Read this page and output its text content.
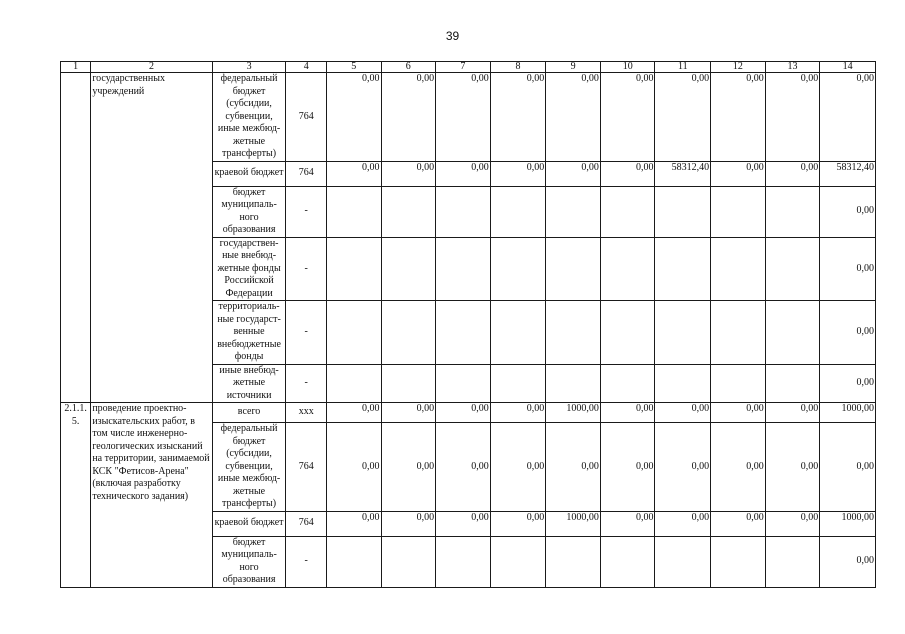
39
1	2	3	4	5	6	7	8	9	10	11	12	13	14
	государственных учреждений	федеральный бюджет (субсидии, субвенции, иные межбюд-жетные трансферты)	764	0,00	0,00	0,00	0,00	0,00	0,00	0,00	0,00	0,00	0,00
		краевой бюджет	764	0,00	0,00	0,00	0,00	0,00	0,00	58312,40	0,00	0,00	58312,40
		бюджет муниципаль-ного образования	-										0,00
		государствен-ные внебюд-жетные фонды Российской Федерации	-										0,00
		территориаль-ные государст-венные внебюджетные фонды	-										0,00
		иные внебюд-жетные источники	-										0,00
2.1.1. 5.	проведение проектно-изыскательских работ, в том числе инженерно-геологических изысканий на территории, занимаемой КСК "Фетисов-Арена" (включая разработку технического задания)	всего	ххх	0,00	0,00	0,00	0,00	1000,00	0,00	0,00	0,00	0,00	1000,00
		федеральный бюджет (субсидии, субвенции, иные межбюд-жетные трансферты)	764	0,00	0,00	0,00	0,00	0,00	0,00	0,00	0,00	0,00	0,00
		краевой бюджет	764	0,00	0,00	0,00	0,00	1000,00	0,00	0,00	0,00	0,00	1000,00
		бюджет муниципаль-ного образования	-										0,00
